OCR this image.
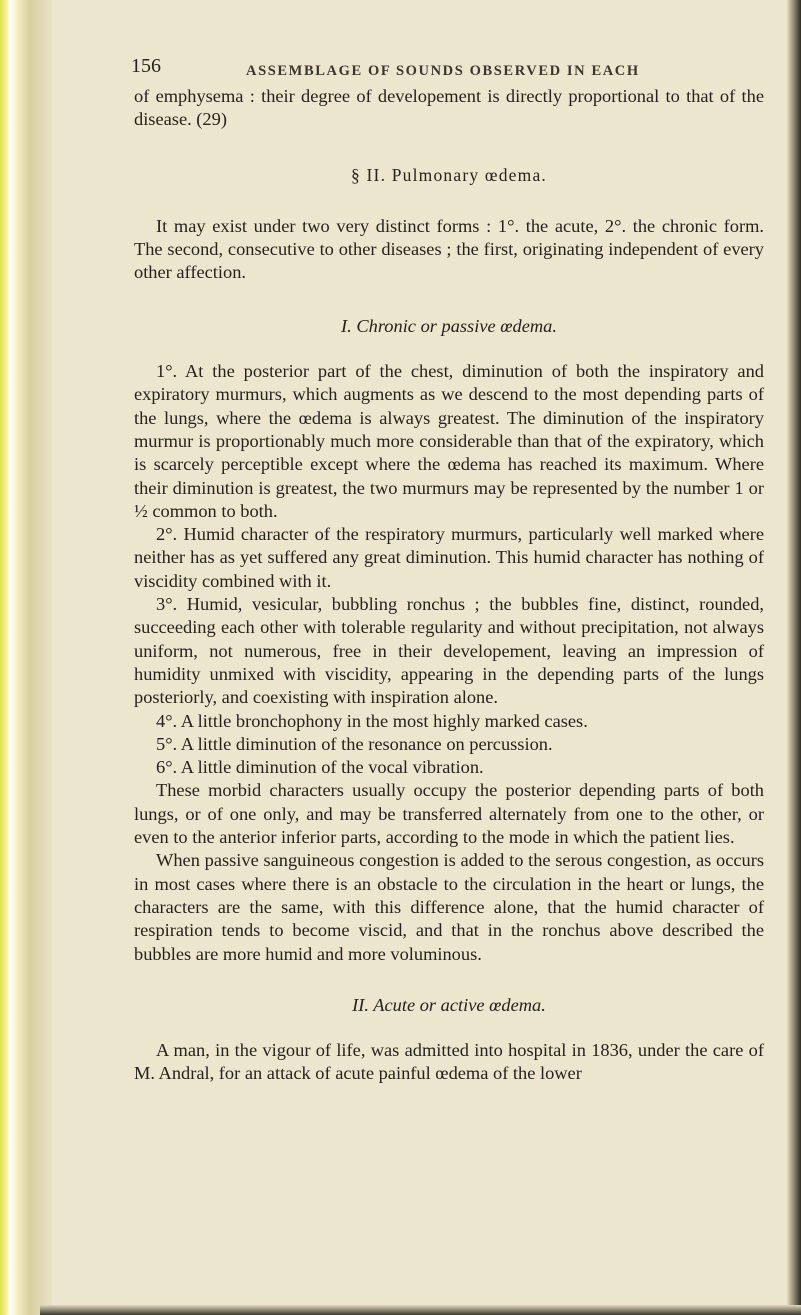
156	ASSEMBLAGE OF SOUNDS OBSERVED IN EACH

of emphysema : their degree of developement is directly proportional to that of the disease. (29)

§ II. Pulmonary œdema.

It may exist under two very distinct forms : 1°. the acute, 2°. the chronic form. The second, consecutive to other diseases ; the first, originating independent of every other affection.

I. Chronic or passive œdema.

1°. At the posterior part of the chest, diminution of both the inspiratory and expiratory murmurs, which augments as we descend to the most depending parts of the lungs, where the œdema is always greatest. The diminution of the inspiratory murmur is proportionably much more considerable than that of the expiratory, which is scarcely perceptible except where the œdema has reached its maximum. Where their diminution is greatest, the two murmurs may be represented by the number 1 or ½ common to both.

2°. Humid character of the respiratory murmurs, particularly well marked where neither has as yet suffered any great diminution. This humid character has nothing of viscidity combined with it.

3°. Humid, vesicular, bubbling ronchus ; the bubbles fine, distinct, rounded, succeeding each other with tolerable regularity and without precipitation, not always uniform, not numerous, free in their developement, leaving an impression of humidity unmixed with viscidity, appearing in the depending parts of the lungs posteriorly, and coexisting with inspiration alone.

4°. A little bronchophony in the most highly marked cases.

5°. A little diminution of the resonance on percussion.

6°. A little diminution of the vocal vibration.

These morbid characters usually occupy the posterior depending parts of both lungs, or of one only, and may be transferred alternately from one to the other, or even to the anterior inferior parts, according to the mode in which the patient lies.

When passive sanguineous congestion is added to the serous congestion, as occurs in most cases where there is an obstacle to the circulation in the heart or lungs, the characters are the same, with this difference alone, that the humid character of respiration tends to become viscid, and that in the ronchus above described the bubbles are more humid and more voluminous.

II. Acute or active œdema.

A man, in the vigour of life, was admitted into hospital in 1836, under the care of M. Andral, for an attack of acute painful œdema of the lower
